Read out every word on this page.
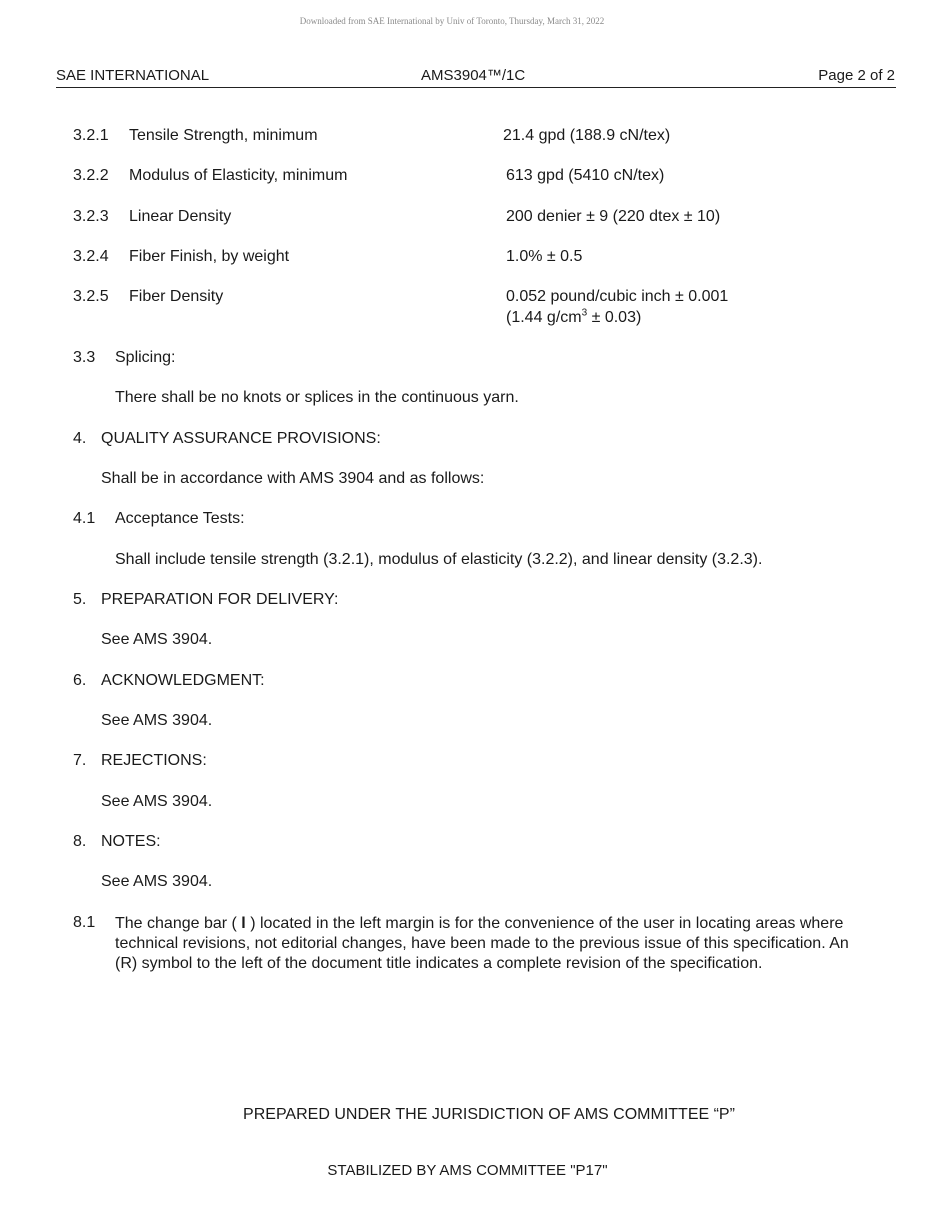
Downloaded from SAE International by Univ of Toronto, Thursday, March 31, 2022
SAE INTERNATIONAL	AMS3904™/1C	Page 2 of 2
3.2.1 Tensile Strength, minimum	21.4 gpd (188.9 cN/tex)
3.2.2 Modulus of Elasticity, minimum	613 gpd (5410 cN/tex)
3.2.3 Linear Density	200 denier ± 9 (220 dtex ± 10)
3.2.4 Fiber Finish, by weight	1.0% ± 0.5
3.2.5 Fiber Density	0.052 pound/cubic inch ± 0.001
(1.44 $g/cm^3 \pm 0.03$)
3.3 Splicing:
There shall be no knots or splices in the continuous yarn.
4. QUALITY ASSURANCE PROVISIONS:
Shall be in accordance with AMS 3904 and as follows:
4.1 Acceptance Tests:
Shall include tensile strength (3.2.1), modulus of elasticity (3.2.2), and linear density (3.2.3).
5. PREPARATION FOR DELIVERY:
See AMS 3904.
6. ACKNOWLEDGMENT:
See AMS 3904.
7. REJECTIONS:
See AMS 3904.
8. NOTES:
See AMS 3904.
8.1 The change bar ( l ) located in the left margin is for the convenience of the user in locating areas where technical revisions, not editorial changes, have been made to the previous issue of this specification. An (R) symbol to the left of the document title indicates a complete revision of the specification.
PREPARED UNDER THE JURISDICTION OF AMS COMMITTEE “P”
STABILIZED BY AMS COMMITTEE "P17"
